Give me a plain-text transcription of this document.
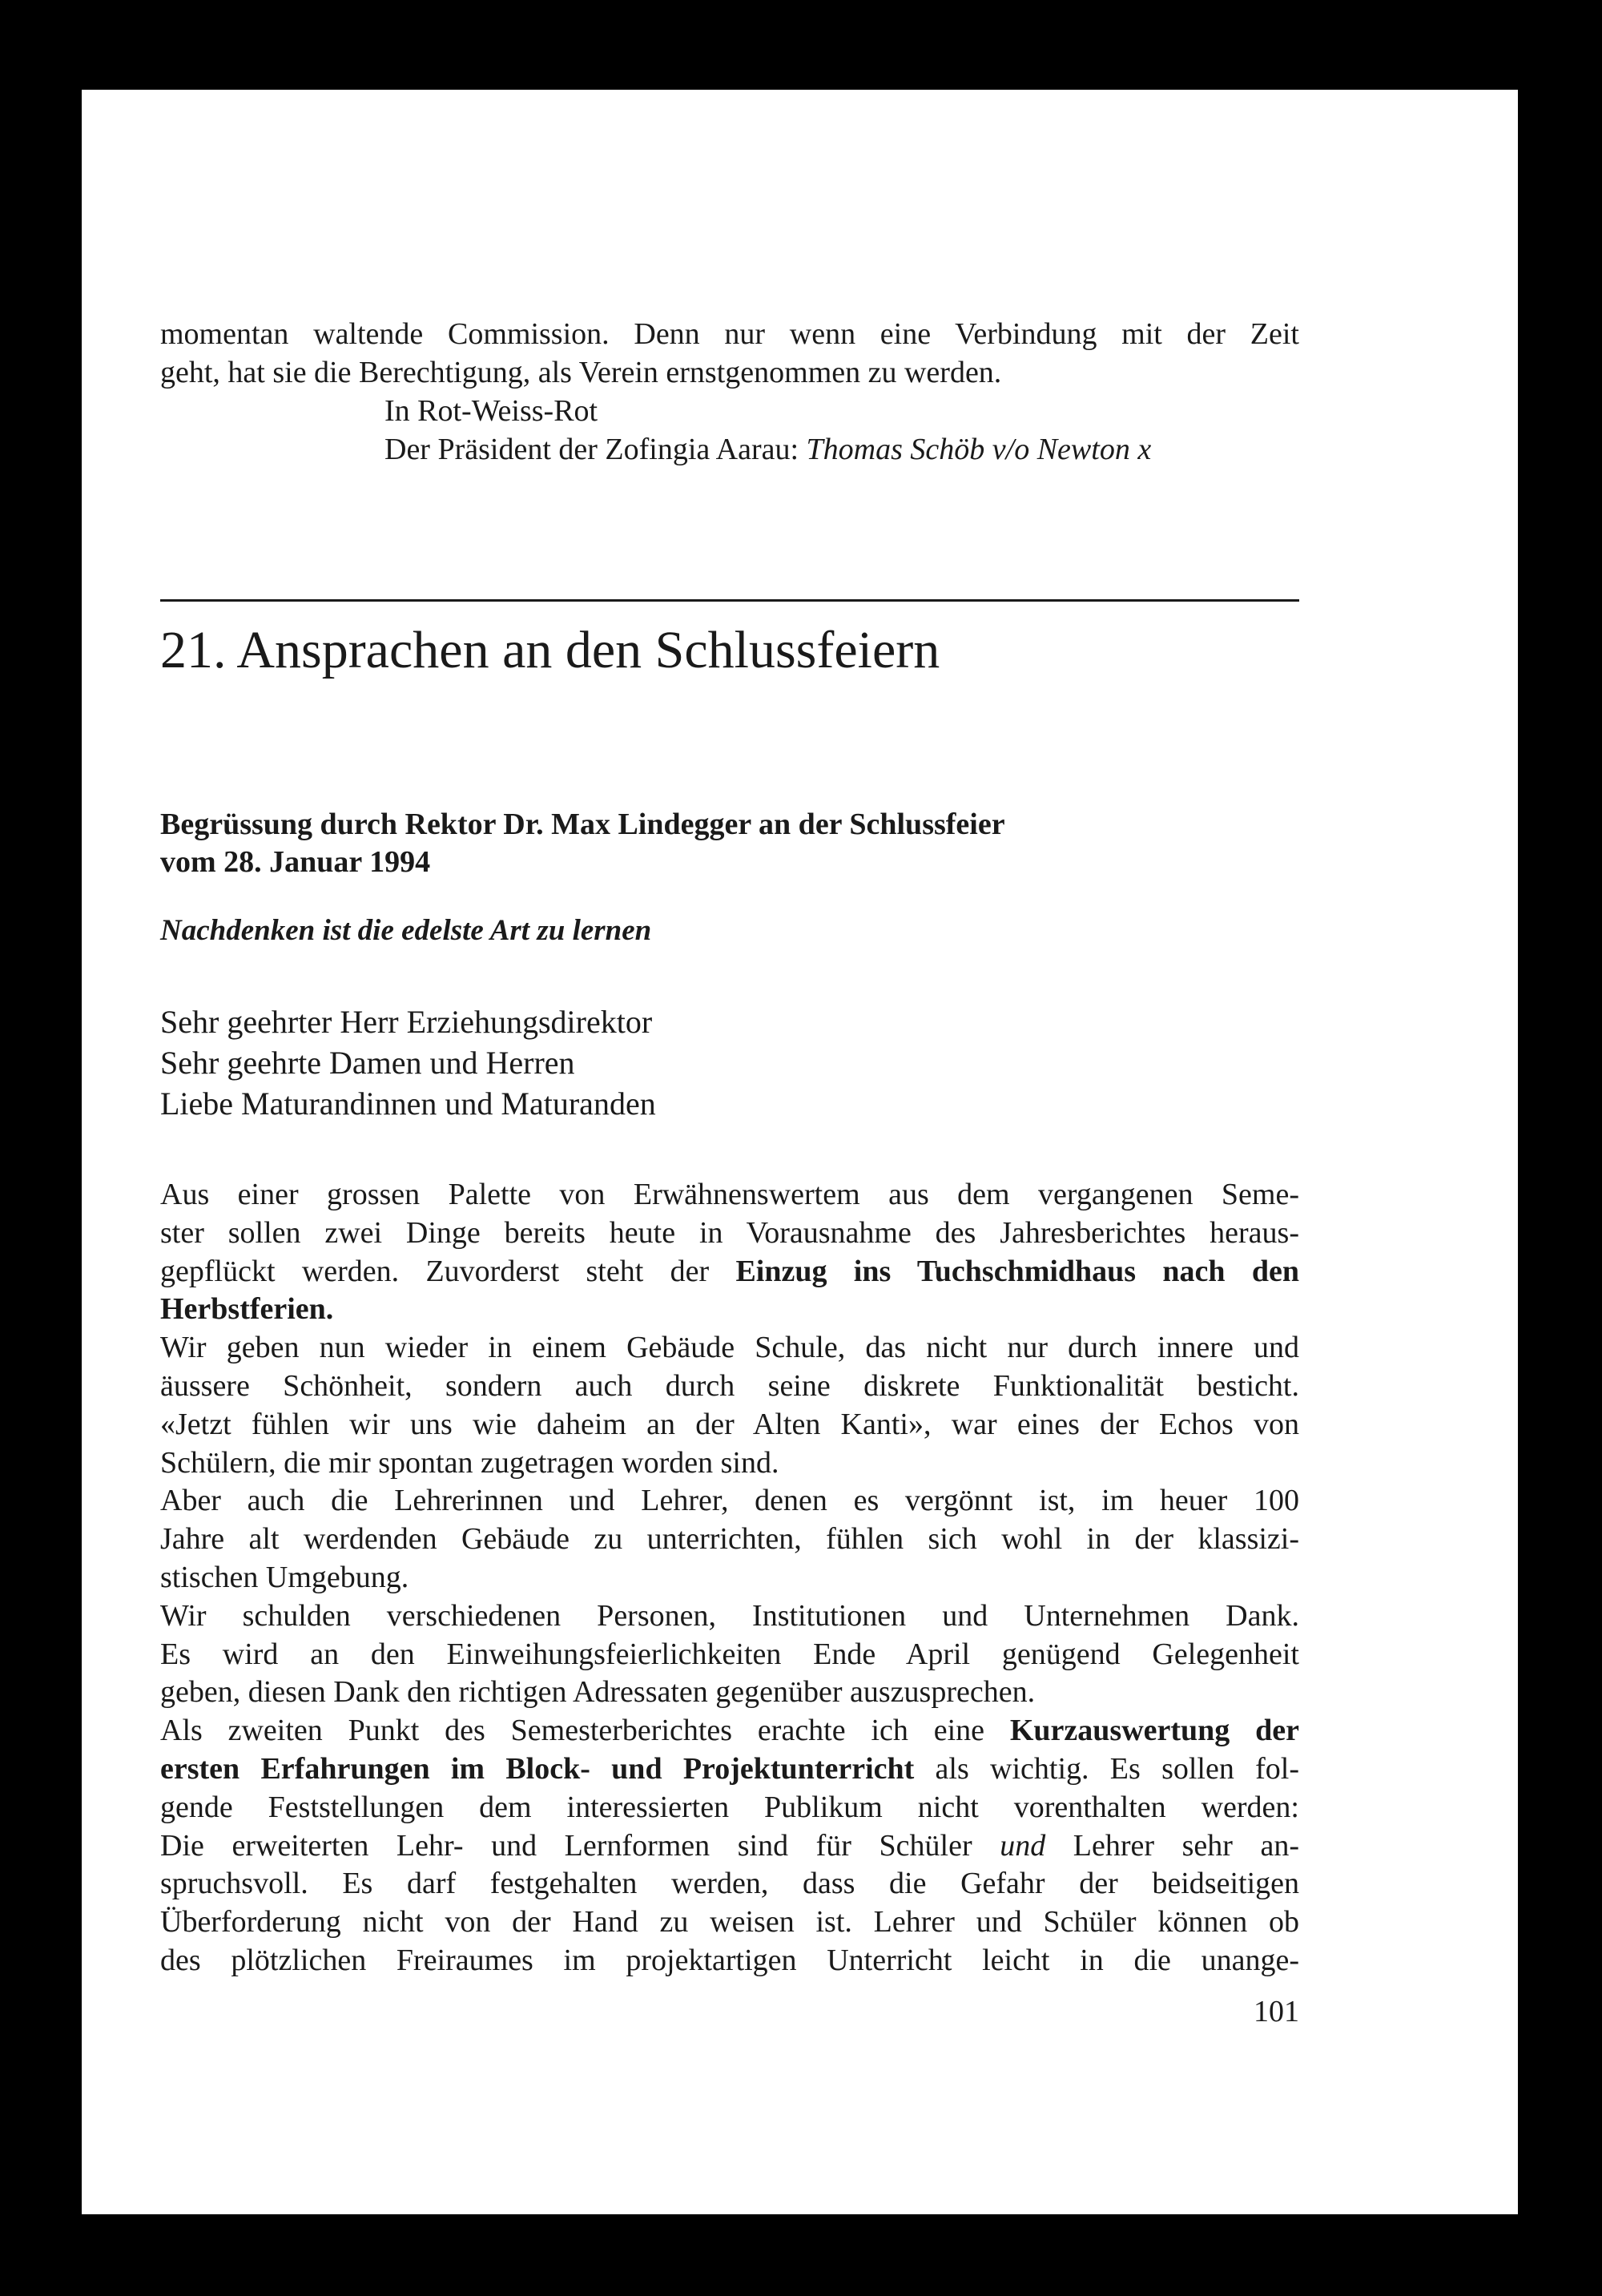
momentan waltende Commission. Denn nur wenn eine Verbindung mit der Zeit
geht, hat sie die Berechtigung, als Verein ernstgenommen zu werden.
In Rot-Weiss-Rot
Der Präsident der Zofingia Aarau: Thomas Schöb v/o Newton x
21. Ansprachen an den Schlussfeiern
Begrüssung durch Rektor Dr. Max Lindegger an der Schlussfeier
vom 28. Januar 1994

Nachdenken ist die edelste Art zu lernen

Sehr geehrter Herr Erziehungsdirektor
Sehr geehrte Damen und Herren
Liebe Maturandinnen und Maturanden
Aus einer grossen Palette von Erwähnenswertem aus dem vergangenen Seme-
ster sollen zwei Dinge bereits heute in Vorausnahme des Jahresberichtes heraus-
gepflückt werden. Zuvorderst steht der Einzug ins Tuchschmidhaus nach den
Herbstferien.
Wir geben nun wieder in einem Gebäude Schule, das nicht nur durch innere und
äussere Schönheit, sondern auch durch seine diskrete Funktionalität besticht.
«Jetzt fühlen wir uns wie daheim an der Alten Kanti», war eines der Echos von
Schülern, die mir spontan zugetragen worden sind.
Aber auch die Lehrerinnen und Lehrer, denen es vergönnt ist, im heuer 100
Jahre alt werdenden Gebäude zu unterrichten, fühlen sich wohl in der klassizi-
stischen Umgebung.
Wir schulden verschiedenen Personen, Institutionen und Unternehmen Dank.
Es wird an den Einweihungsfeierlichkeiten Ende April genügend Gelegenheit
geben, diesen Dank den richtigen Adressaten gegenüber auszusprechen.
Als zweiten Punkt des Semesterberichtes erachte ich eine Kurzauswertung der
ersten Erfahrungen im Block- und Projektunterricht als wichtig. Es sollen fol-
gende Feststellungen dem interessierten Publikum nicht vorenthalten werden:
Die erweiterten Lehr- und Lernformen sind für Schüler und Lehrer sehr an-
spruchsvoll. Es darf festgehalten werden, dass die Gefahr der beidseitigen
Überforderung nicht von der Hand zu weisen ist. Lehrer und Schüler können ob
des plötzlichen Freiraumes im projektartigen Unterricht leicht in die unange-
101
